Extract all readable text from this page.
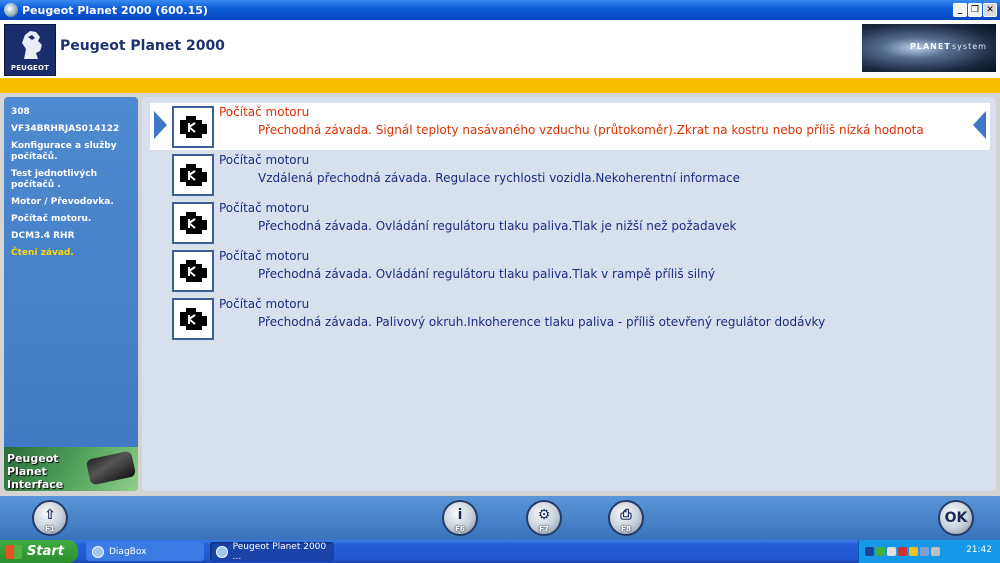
Peugeot Planet 2000 (600.15)	_ ❐ ✕
PEUGEOT
Peugeot Planet 2000	PLANET system
308
VF34BRHRJAS014122
Konfigurace a služby počítačů.
Test jednotlivých počítačů .
Motor / Převodovka.
Počítač motoru.
DCM3.4 RHR
Čtení závad.
Peugeot Planet Interface
Počítač motoru
Přechodná závada. Signál teploty nasávaného vzduchu (průtokoměr).Zkrat na kostru nebo příliš nízká hodnota
Počítač motoru
Vzdálená přechodná závada. Regulace rychlosti vozidla.Nekoherentní informace
Počítač motoru
Přechodná závada. Ovládání regulátoru tlaku paliva.Tlak je nižší než požadavek
Počítač motoru
Přechodná závada. Ovládání regulátoru tlaku paliva.Tlak v rampě příliš silný
Počítač motoru
Přechodná závada. Palivový okruh.Inkoherence tlaku paliva - příliš otevřený regulátor dodávky
⇧
F1
i
F6
⚙
F7
⎙
F8
OK
Start	DiagBox	Peugeot Planet 2000 ...
21:42
